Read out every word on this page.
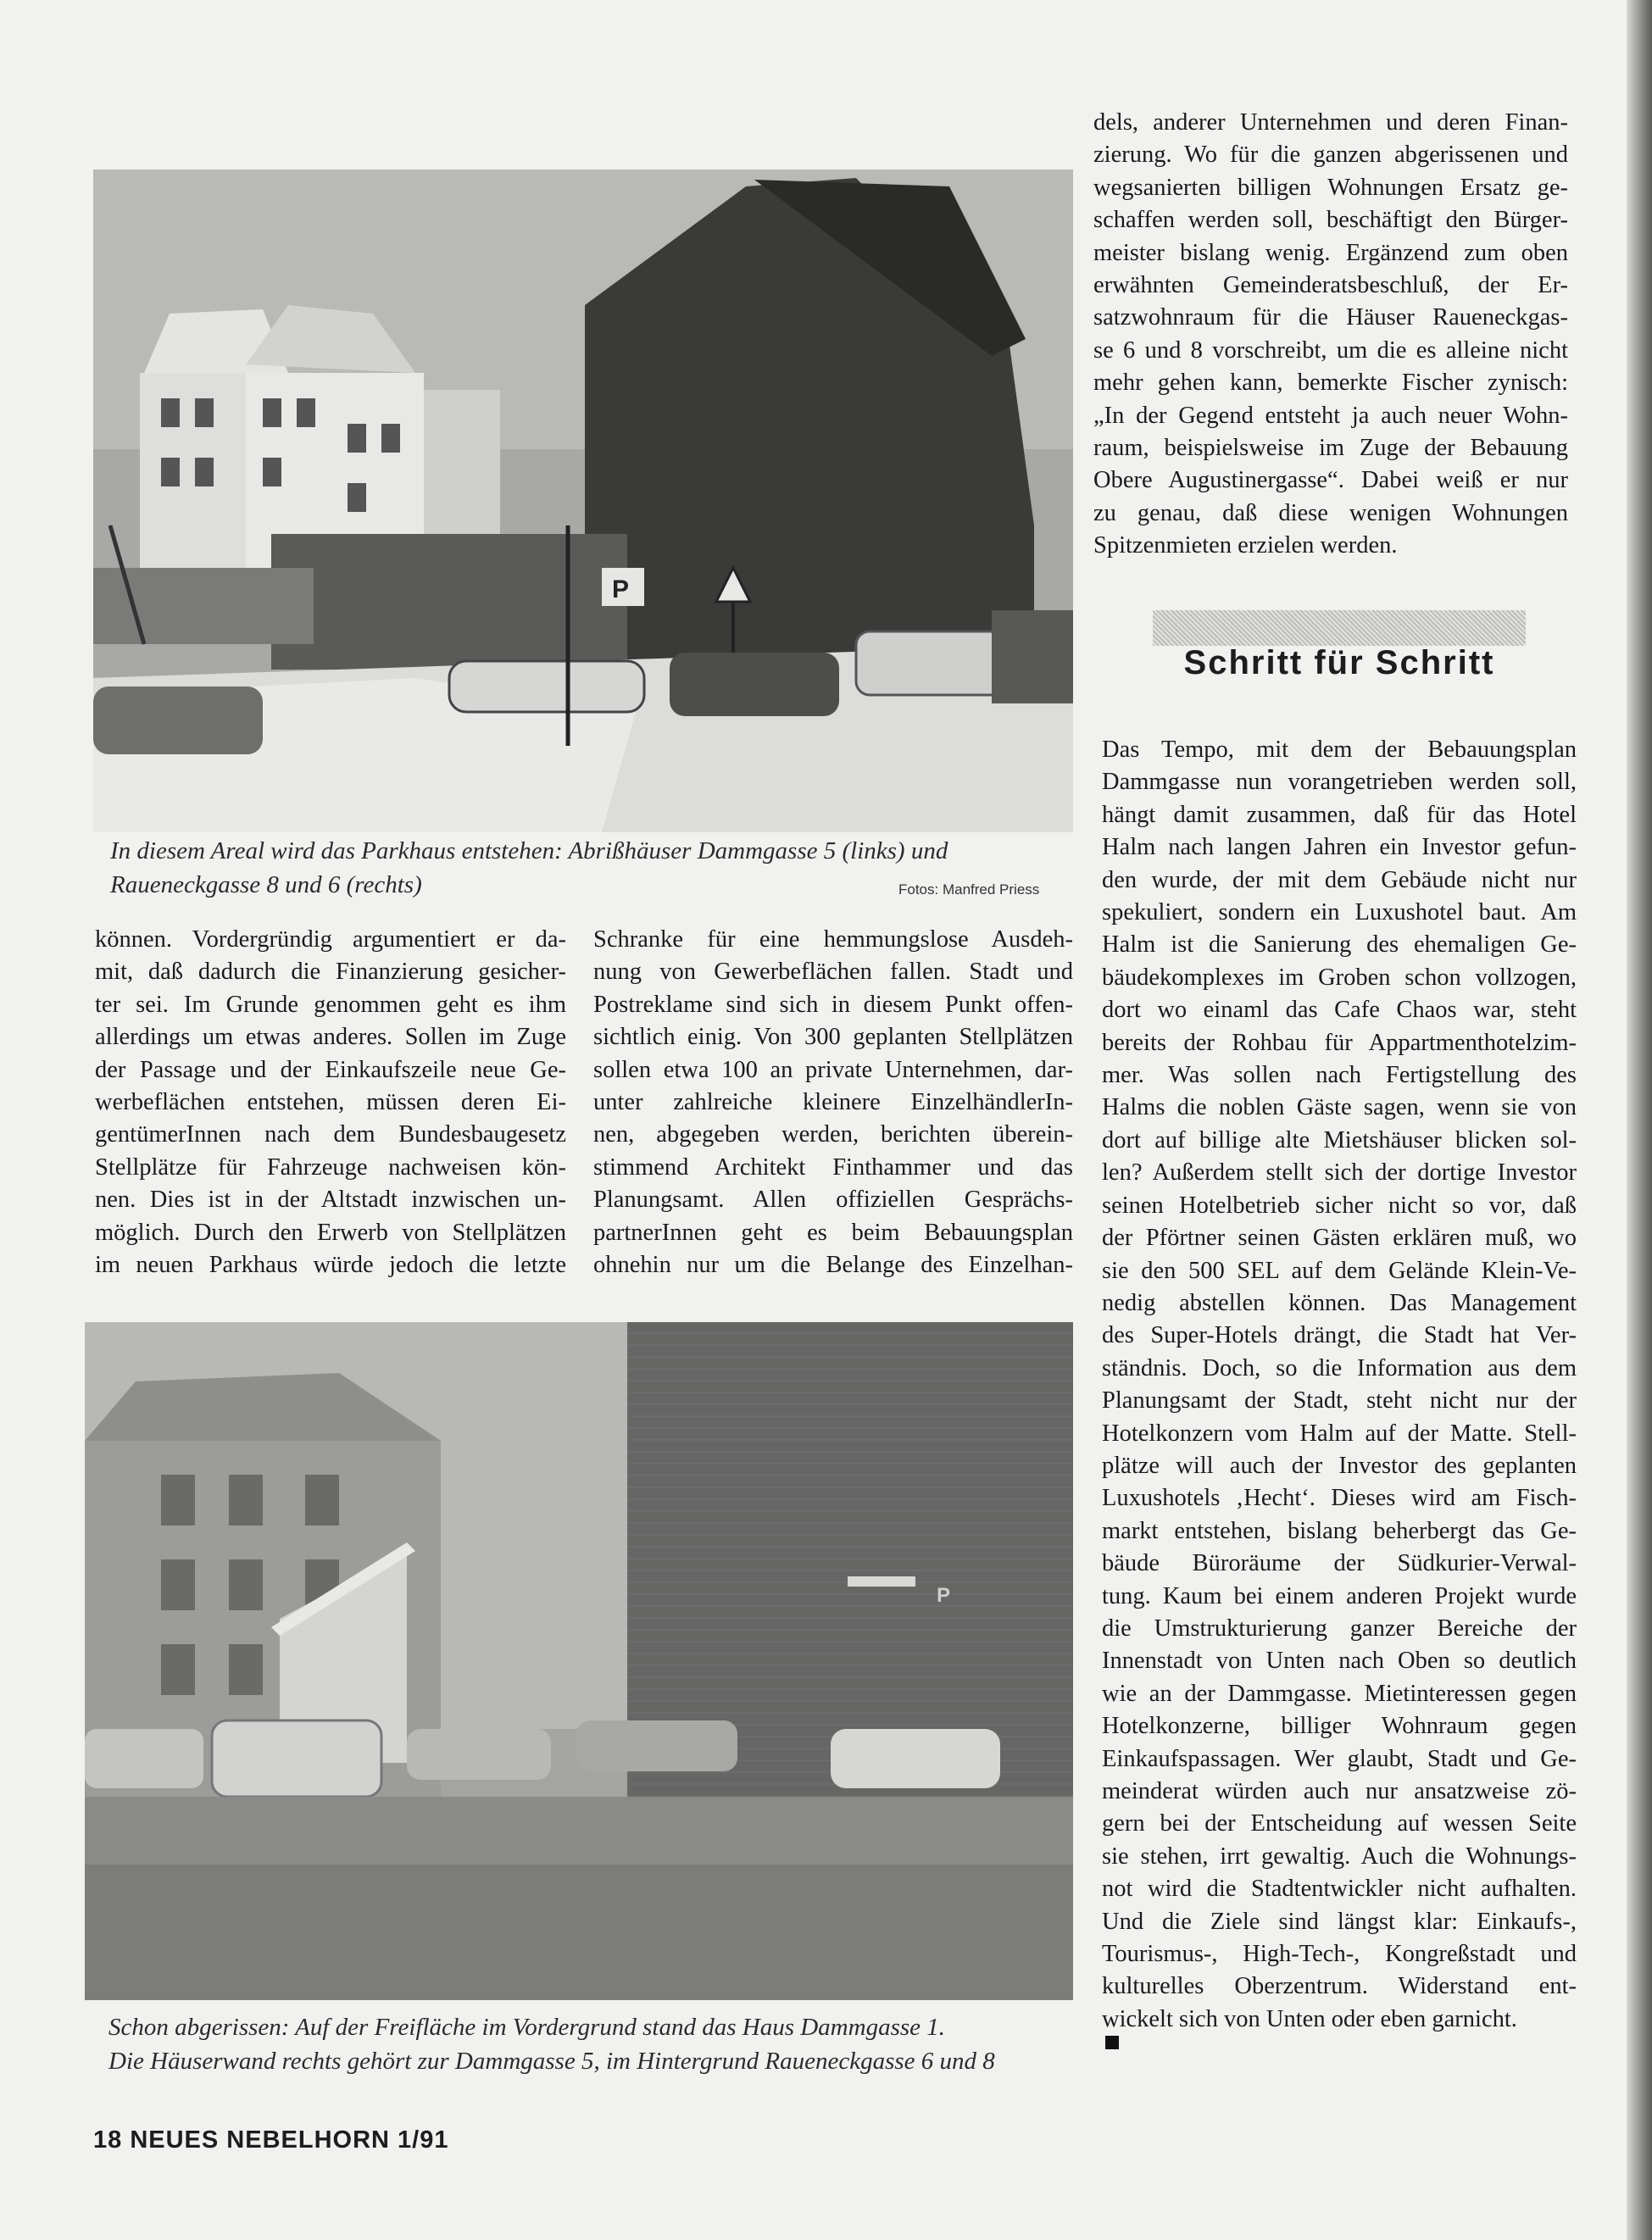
P
In diesem Areal wird das Parkhaus entstehen: Abrißhäuser Dammgasse 5 (links) und
Raueneckgasse 8 und 6 (rechts)	Fotos: Manfred Priess
P
Schon abgerissen: Auf der Freifläche im Vordergrund stand das Haus Dammgasse 1.
Die Häuserwand rechts gehört zur Dammgasse 5, im Hintergrund Raueneckgasse 6 und 8
dels, anderer Unternehmen und deren Finan-
zierung. Wo für die ganzen abgerissenen und
wegsanierten billigen Wohnungen Ersatz ge-
schaffen werden soll, beschäftigt den Bürger-
meister bislang wenig. Ergänzend zum oben
erwähnten Gemeinderatsbeschluß, der Er-
satzwohnraum für die Häuser Raueneckgas-
se 6 und 8 vorschreibt, um die es alleine nicht
mehr gehen kann, bemerkte Fischer zynisch:
„In der Gegend entsteht ja auch neuer Wohn-
raum, beispielsweise im Zuge der Bebauung
Obere Augustinergasse“. Dabei weiß er nur
zu genau, daß diese wenigen Wohnungen
Spitzenmieten erzielen werden.
Schritt für Schritt
Das Tempo, mit dem der Bebauungsplan
Dammgasse nun vorangetrieben werden soll,
hängt damit zusammen, daß für das Hotel
Halm nach langen Jahren ein Investor gefun-
den wurde, der mit dem Gebäude nicht nur
spekuliert, sondern ein Luxushotel baut. Am
Halm ist die Sanierung des ehemaligen Ge-
bäudekomplexes im Groben schon vollzogen,
dort wo einaml das Cafe Chaos war, steht
bereits der Rohbau für Appartmenthotelzim-
mer. Was sollen nach Fertigstellung des
Halms die noblen Gäste sagen, wenn sie von
dort auf billige alte Mietshäuser blicken sol-
len? Außerdem stellt sich der dortige Investor
seinen Hotelbetrieb sicher nicht so vor, daß
der Pförtner seinen Gästen erklären muß, wo
sie den 500 SEL auf dem Gelände Klein-Ve-
nedig abstellen können. Das Management
des Super-Hotels drängt, die Stadt hat Ver-
ständnis. Doch, so die Information aus dem
Planungsamt der Stadt, steht nicht nur der
Hotelkonzern vom Halm auf der Matte. Stell-
plätze will auch der Investor des geplanten
Luxushotels ‚Hecht‘. Dieses wird am Fisch-
markt entstehen, bislang beherbergt das Ge-
bäude Büroräume der Südkurier-Verwal-
tung. Kaum bei einem anderen Projekt wurde
die Umstrukturierung ganzer Bereiche der
Innenstadt von Unten nach Oben so deutlich
wie an der Dammgasse. Mietinteressen gegen
Hotelkonzerne, billiger Wohnraum gegen
Einkaufspassagen. Wer glaubt, Stadt und Ge-
meinderat würden auch nur ansatzweise zö-
gern bei der Entscheidung auf wessen Seite
sie stehen, irrt gewaltig. Auch die Wohnungs-
not wird die Stadtentwickler nicht aufhalten.
Und die Ziele sind längst klar: Einkaufs-,
Tourismus-, High-Tech-, Kongreßstadt und
kulturelles Oberzentrum. Widerstand ent-
wickelt sich von Unten oder eben garnicht.
können. Vordergründig argumentiert er da-
mit, daß dadurch die Finanzierung gesicher-
ter sei. Im Grunde genommen geht es ihm
allerdings um etwas anderes. Sollen im Zuge
der Passage und der Einkaufszeile neue Ge-
werbeflächen entstehen, müssen deren Ei-
gentümerInnen nach dem Bundesbaugesetz
Stellplätze für Fahrzeuge nachweisen kön-
nen. Dies ist in der Altstadt inzwischen un-
möglich. Durch den Erwerb von Stellplätzen
im neuen Parkhaus würde jedoch die letzte
Schranke für eine hemmungslose Ausdeh-
nung von Gewerbeflächen fallen. Stadt und
Postreklame sind sich in diesem Punkt offen-
sichtlich einig. Von 300 geplanten Stellplätzen
sollen etwa 100 an private Unternehmen, dar-
unter zahlreiche kleinere EinzelhändlerIn-
nen, abgegeben werden, berichten überein-
stimmend Architekt Finthammer und das
Planungsamt. Allen offiziellen Gesprächs-
partnerInnen geht es beim Bebauungsplan
ohnehin nur um die Belange des Einzelhan-
18 NEUES NEBELHORN 1/91
